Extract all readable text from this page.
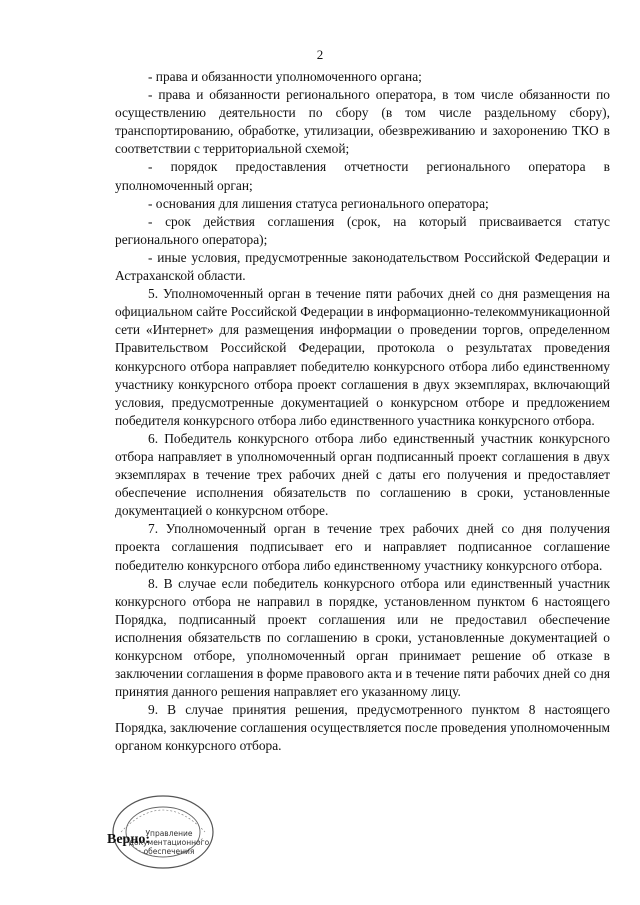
2

- права и обязанности уполномоченного органа;

- права и обязанности регионального оператора, в том числе обязанности по осуществлению деятельности по сбору (в том числе раздельному сбору), транспортированию, обработке, утилизации, обезвреживанию и захоронению ТКО в соответствии с территориальной схемой;

- порядок предоставления отчетности регионального оператора в уполномоченный орган;

- основания для лишения статуса регионального оператора;

- срок действия соглашения (срок, на который присваивается статус регионального оператора);

- иные условия, предусмотренные законодательством Российской Федерации и Астраханской области.

5. Уполномоченный орган в течение пяти рабочих дней со дня размещения на официальном сайте Российской Федерации в информационно-телекоммуникационной сети «Интернет» для размещения информации о проведении торгов, определенном Правительством Российской Федерации, протокола о результатах проведения конкурсного отбора направляет победителю конкурсного отбора либо единственному участнику конкурсного отбора проект соглашения в двух экземплярах, включающий условия, предусмотренные документацией о конкурсном отборе и предложением победителя конкурсного отбора либо единственного участника конкурсного отбора.

6. Победитель конкурсного отбора либо единственный участник конкурсного отбора направляет в уполномоченный орган подписанный проект соглашения в двух экземплярах в течение трех рабочих дней с даты его получения и предоставляет обеспечение исполнения обязательств по соглашению в сроки, установленные документацией о конкурсном отборе.

7. Уполномоченный орган в течение трех рабочих дней со дня получения проекта соглашения подписывает его и направляет подписанное соглашение победителю конкурсного отбора либо единственному участнику конкурсного отбора.

8. В случае если победитель конкурсного отбора или единственный участник конкурсного отбора не направил в порядке, установленном пунктом 6 настоящего Порядка, подписанный проект соглашения или не предоставил обеспечение исполнения обязательств по соглашению в сроки, установленные документацией о конкурсном отборе, уполномоченный орган принимает решение об отказе в заключении соглашения в форме правового акта и в течение пяти рабочих дней со дня принятия данного решения направляет его указанному лицу.

9. В случае принятия решения, предусмотренного пунктом 8 настоящего Порядка, заключение соглашения осуществляется после проведения уполномоченным органом конкурсного отбора.

Управление
документационного
обеспечения
Верно:
